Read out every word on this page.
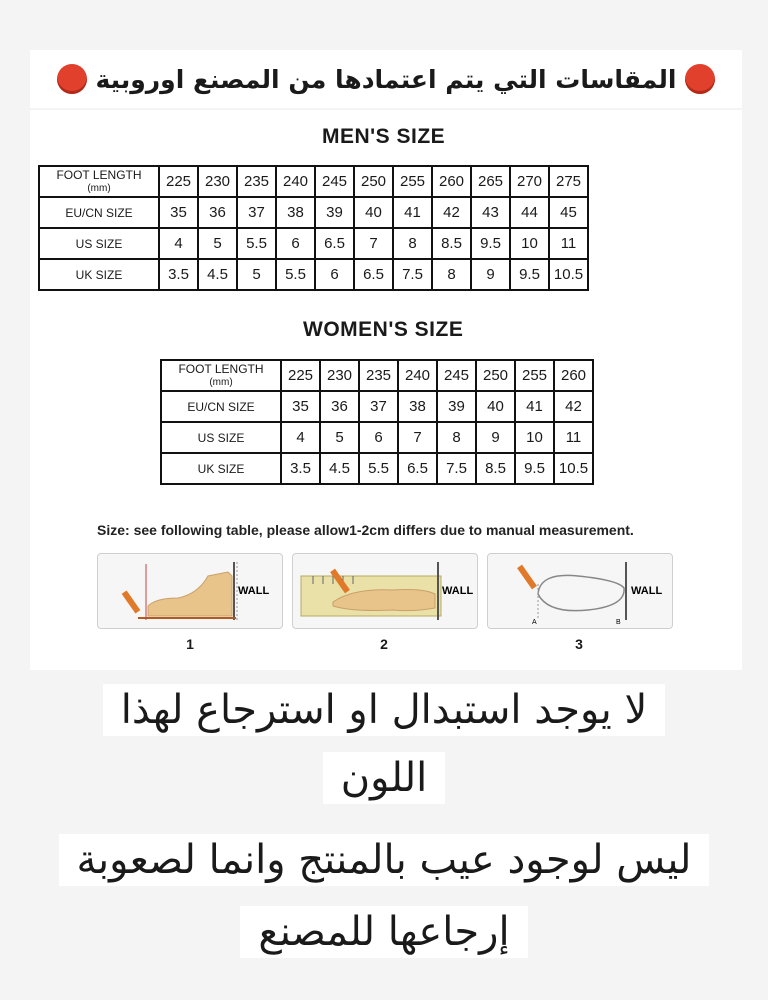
المقاسات التي يتم اعتمادها من المصنع اوروبية
MEN'S SIZE
FOOT LENGTH
(mm)	225	230	235	240	245	250	255	260	265	270	275
EU/CN SIZE	35	36	37	38	39	40	41	42	43	44	45
US SIZE	4	5	5.5	6	6.5	7	8	8.5	9.5	10	11
UK SIZE	3.5	4.5	5	5.5	6	6.5	7.5	8	9	9.5	10.5
WOMEN'S SIZE
FOOT LENGTH
(mm)	225	230	235	240	245	250	255	260
EU/CN SIZE	35	36	37	38	39	40	41	42
US SIZE	4	5	6	7	8	9	10	11
UK SIZE	3.5	4.5	5.5	6.5	7.5	8.5	9.5	10.5
Size: see following table, please allow1-2cm differs due to manual measurement.
WALL	WALL
A	B
WALL
1	2	3
لا يوجد استبدال او استرجاع لهذا
اللون
ليس لوجود عيب بالمنتج وانما لصعوبة
إرجاعها للمصنع
